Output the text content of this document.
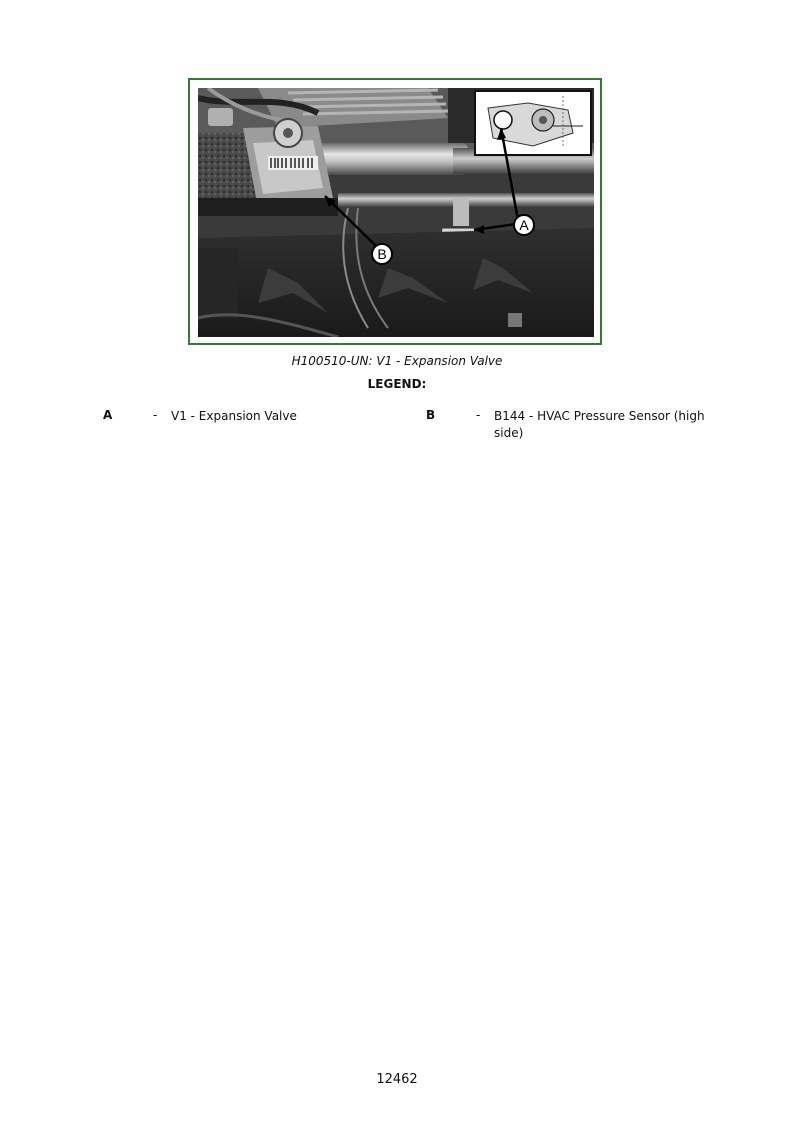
A
B
H100510-UN: V1 - Expansion Valve
LEGEND:
A	- V1 - Expansion Valve	B	- B144 - HVAC Pressure Sensor (high side)
12462
